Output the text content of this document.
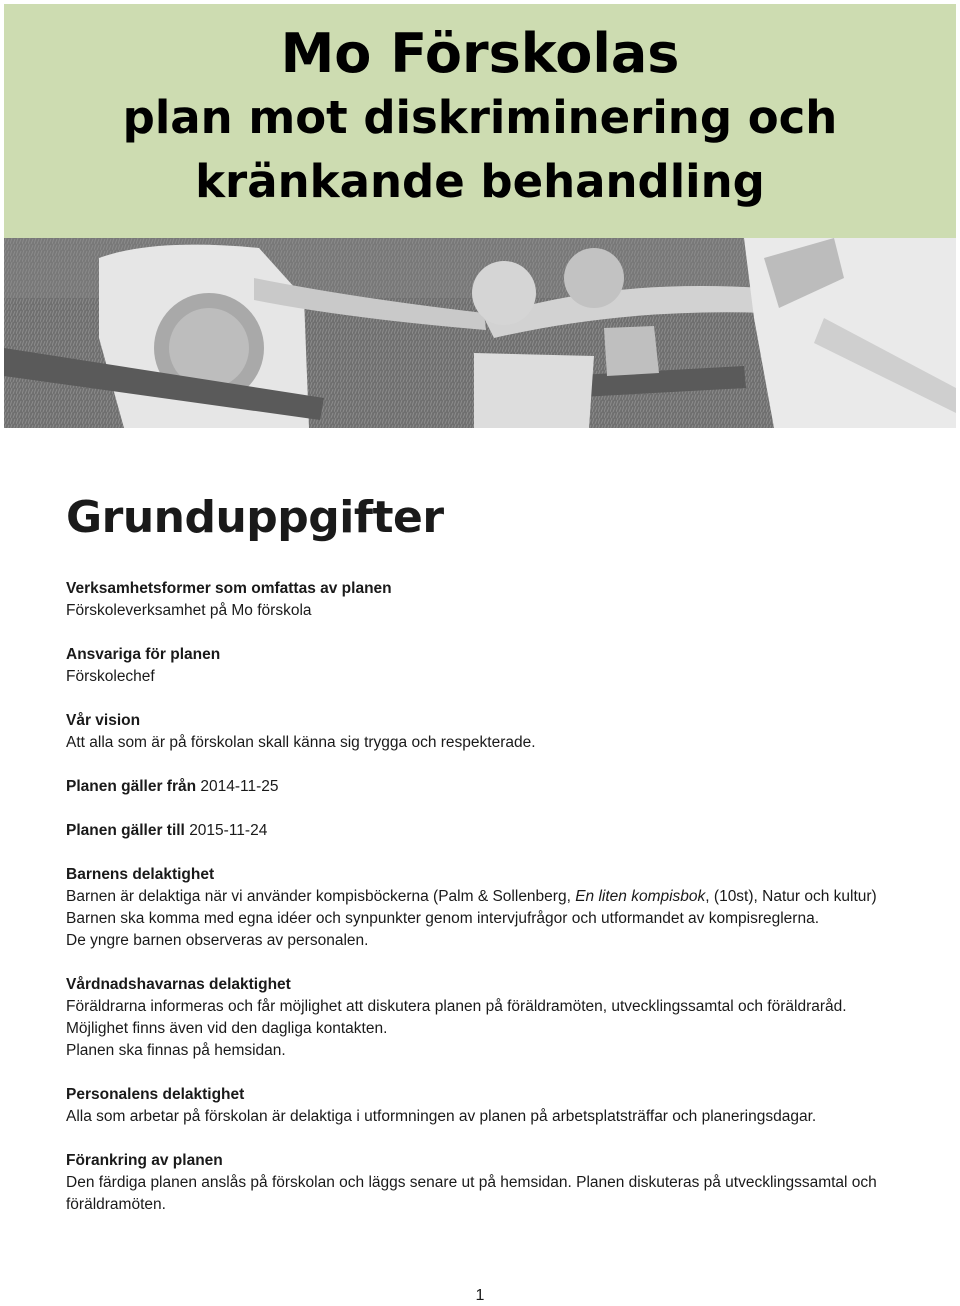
Mo Förskolas
plan mot diskriminering och
kränkande behandling
Grunduppgifter

Verksamhetsformer som omfattas av planen

Förskoleverksamhet på Mo förskola

Ansvariga för planen

Förskolechef

Vår vision

Att alla som är på förskolan skall känna sig trygga och respekterade.

Planen gäller från 2014-11-25

Planen gäller till 2015-11-24

Barnens delaktighet

Barnen är delaktiga när vi använder kompisböckerna (Palm & Sollenberg, En liten kompisbok, (10st), Natur och kultur) Barnen ska komma med egna idéer och synpunkter genom intervjufrågor och utformandet av kompisreglerna.

De yngre barnen observeras av personalen.

Vårdnadshavarnas delaktighet

Föräldrarna informeras och får möjlighet att diskutera planen på föräldramöten, utvecklingssamtal och föräldraråd. Möjlighet finns även vid den dagliga kontakten.

Planen ska finnas på hemsidan.

Personalens delaktighet

Alla som arbetar på förskolan är delaktiga i utformningen av planen på arbetsplatsträffar och planeringsdagar.

Förankring av planen

Den färdiga planen anslås på förskolan och läggs senare ut på hemsidan. Planen diskuteras på utvecklingssamtal och föräldramöten.

1
